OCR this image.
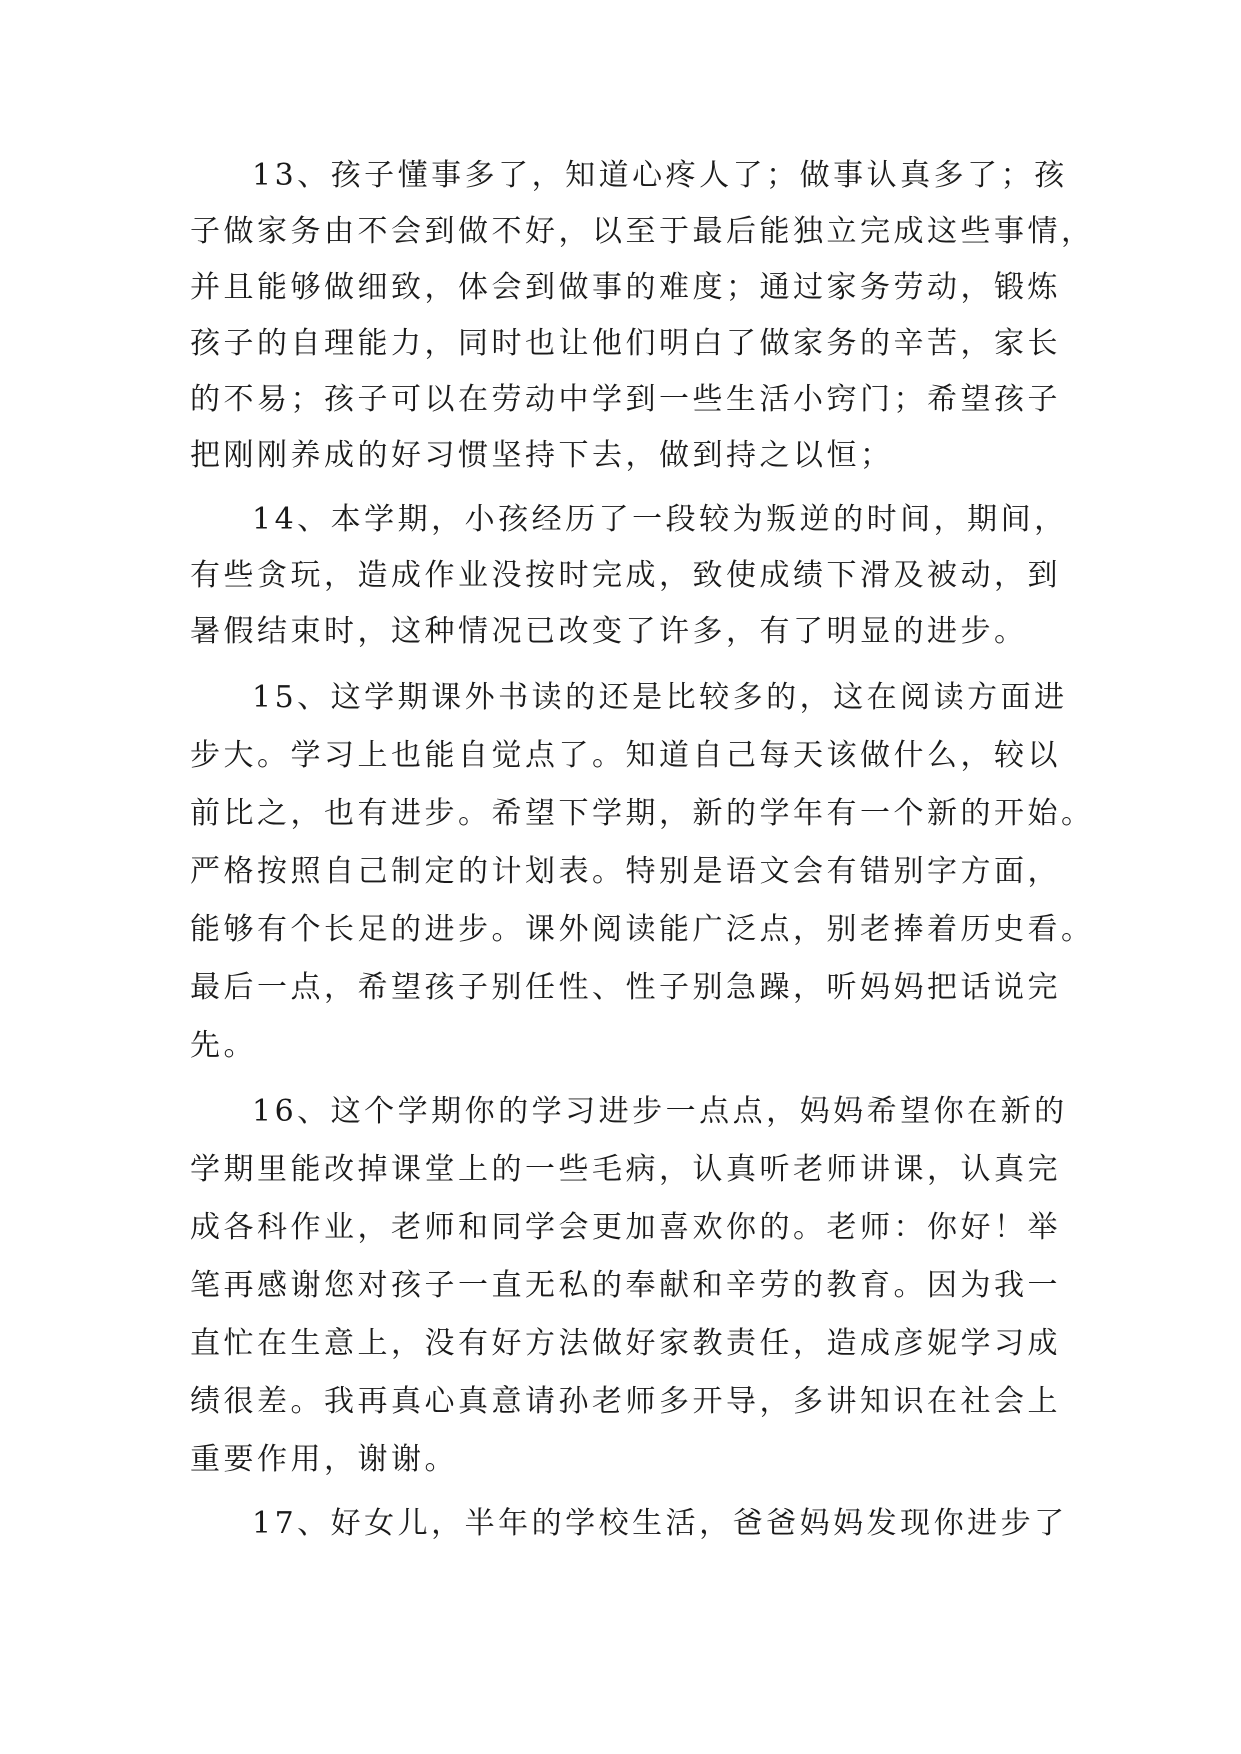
13、孩子懂事多了，知道心疼人了；做事认真多了；孩
子做家务由不会到做不好，以至于最后能独立完成这些事情，
并且能够做细致，体会到做事的难度；通过家务劳动，锻炼
孩子的自理能力，同时也让他们明白了做家务的辛苦，家长
的不易；孩子可以在劳动中学到一些生活小窍门；希望孩子
把刚刚养成的好习惯坚持下去，做到持之以恒；
14、本学期，小孩经历了一段较为叛逆的时间，期间，
有些贪玩，造成作业没按时完成，致使成绩下滑及被动，到
暑假结束时，这种情况已改变了许多，有了明显的进步。
15、这学期课外书读的还是比较多的，这在阅读方面进
步大。学习上也能自觉点了。知道自己每天该做什么，较以
前比之，也有进步。希望下学期，新的学年有一个新的开始。
严格按照自己制定的计划表。特别是语文会有错别字方面，
能够有个长足的进步。课外阅读能广泛点，别老捧着历史看。
最后一点，希望孩子别任性、性子别急躁，听妈妈把话说完
先。
16、这个学期你的学习进步一点点，妈妈希望你在新的
学期里能改掉课堂上的一些毛病，认真听老师讲课，认真完
成各科作业，老师和同学会更加喜欢你的。老师：你好！举
笔再感谢您对孩子一直无私的奉献和辛劳的教育。因为我一
直忙在生意上，没有好方法做好家教责任，造成彦妮学习成
绩很差。我再真心真意请孙老师多开导，多讲知识在社会上
重要作用，谢谢。
17、好女儿，半年的学校生活，爸爸妈妈发现你进步了
